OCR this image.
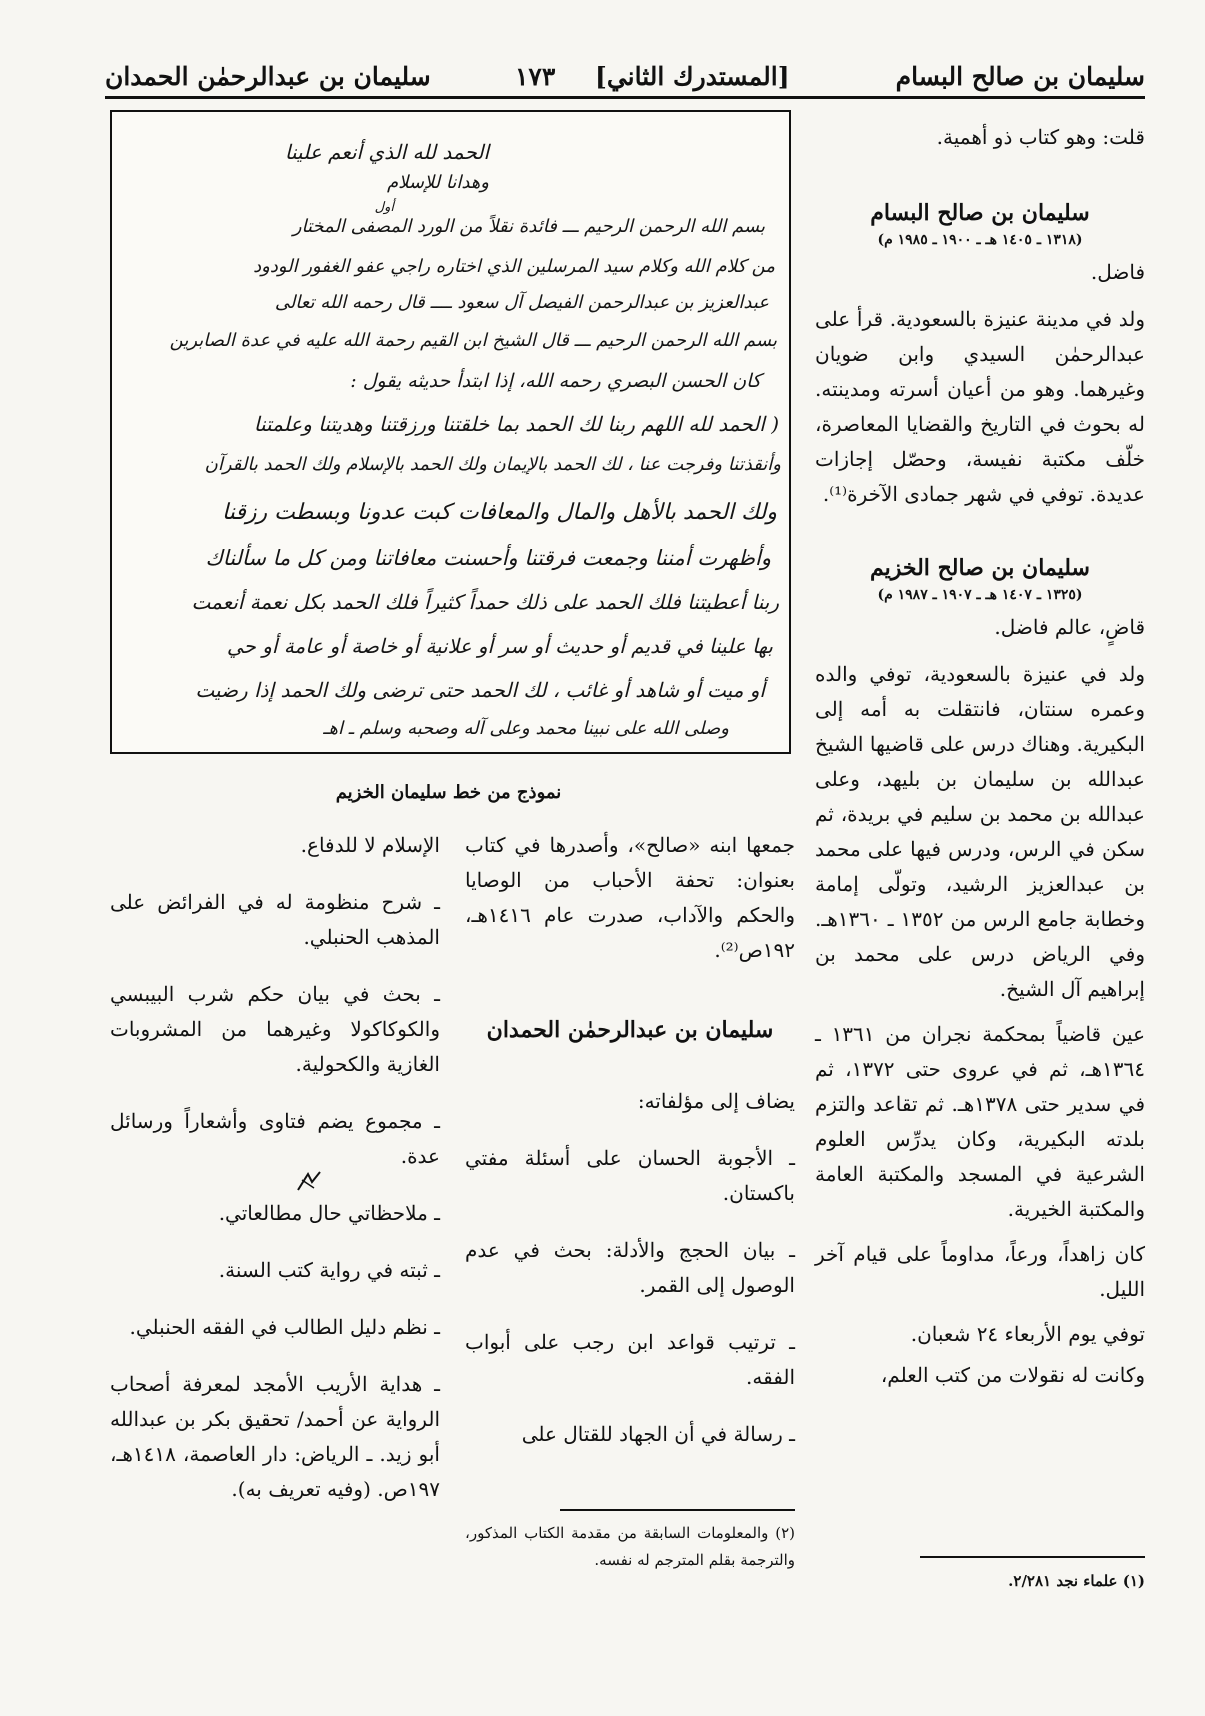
سليمان بن صالح البسام
[المستدرك الثاني]
١٧٣
سليمان بن عبدالرحمٰن الحمدان

قلت: وهو كتاب ذو أهمية.

سليمان بن صالح البسام

(١٣١٨ ـ ١٤٠٥ هـ ـ ١٩٠٠ ـ ١٩٨٥ م)

فاضل.

ولد في مدينة عنيزة بالسعودية. قرأ على عبدالرحمٰن السيدي وابن ضويان وغيرهما. وهو من أعيان أسرته ومدينته. له بحوث في التاريخ والقضايا المعاصرة، خلّف مكتبة نفيسة، وحصّل إجازات عديدة. توفي في شهر جمادى الآخرة⁽¹⁾.

سليمان بن صالح الخزيم

(١٣٢٥ ـ ١٤٠٧ هـ ـ ١٩٠٧ ـ ١٩٨٧ م)

قاضٍ، عالم فاضل.

ولد في عنيزة بالسعودية، توفي والده وعمره سنتان، فانتقلت به أمه إلى البكيرية. وهناك درس على قاضيها الشيخ عبدالله بن سليمان بن بليهد، وعلى عبدالله بن محمد بن سليم في بريدة، ثم سكن في الرس، ودرس فيها على محمد بن عبدالعزيز الرشيد، وتولّى إمامة وخطابة جامع الرس من ١٣٥٢ ـ ١٣٦٠هـ. وفي الرياض درس على محمد بن إبراهيم آل الشيخ.

عين قاضياً بمحكمة نجران من ١٣٦١ ـ ١٣٦٤هـ، ثم في عروى حتى ١٣٧٢، ثم في سدير حتى ١٣٧٨هـ. ثم تقاعد والتزم بلدته البكيرية، وكان يدرِّس العلوم الشرعية في المسجد والمكتبة العامة والمكتبة الخيرية.

كان زاهداً، ورعاً، مداوماً على قيام آخر الليل.

توفي يوم الأربعاء ٢٤ شعبان.

وكانت له نقولات من كتب العلم،

(١) علماء نجد ٢/٢٨١.
الحمد لله الذي أنعم علينا
وهدانا للإسلام
أول
بسم الله الرحمن الرحيم ـــ فائدة نقلاً من الورد المصفى المختار
من كلام الله وكلام سيد المرسلين الذي اختاره راجي عفو الغفور الودود
عبدالعزيز بن عبدالرحمن الفيصل آل سعود ــــ قال رحمه الله تعالى
بسم الله الرحمن الرحيم ـــ قال الشيخ ابن القيم رحمة الله عليه في عدة الصابرين
كان الحسن البصري رحمه الله، إذا ابتدأ حديثه يقول :
( الحمد لله اللهم ربنا لك الحمد بما خلقتنا ورزقتنا وهديتنا وعلمتنا
وأنقذتنا وفرجت عنا ، لك الحمد بالإيمان ولك الحمد بالإسلام ولك الحمد بالقرآن
ولك الحمد بالأهل والمال والمعافات كبت عدونا وبسطت رزقنا
وأظهرت أمننا وجمعت فرقتنا وأحسنت معافاتنا ومن كل ما سألناك
ربنا أعطيتنا فلك الحمد على ذلك حمداً كثيراً فلك الحمد بكل نعمة أنعمت
بها علينا في قديم أو حديث أو سر أو علانية أو خاصة أو عامة أو حي
أو ميت أو شاهد أو غائب ، لك الحمد حتى ترضى ولك الحمد إذا رضيت
وصلى الله على نبينا محمد وعلى آله وصحبه وسلم ـ اهـ
نموذج من خط سليمان الخزيم

جمعها ابنه «صالح»، وأصدرها في كتاب بعنوان: تحفة الأحباب من الوصايا والحكم والآداب، صدرت عام ١٤١٦هـ، ١٩٢ص⁽²⁾.

سليمان بن عبدالرحمٰن الحمدان

يضاف إلى مؤلفاته:

ـ الأجوبة الحسان على أسئلة مفتي باكستان.

ـ بيان الحجج والأدلة: بحث في عدم الوصول إلى القمر.

ـ ترتيب قواعد ابن رجب على أبواب الفقه.

ـ رسالة في أن الجهاد للقتال على

(٢) والمعلومات السابقة من مقدمة الكتاب المذكور، والترجمة بقلم المترجم له نفسه.

الإسلام لا للدفاع.

ـ شرح منظومة له في الفرائض على المذهب الحنبلي.

ـ بحث في بيان حكم شرب البيبسي والكوكاكولا وغيرهما من المشروبات الغازية والكحولية.

ـ مجموع يضم فتاوى وأشعاراً ورسائل عدة.

ـ ملاحظاتي حال مطالعاتي.

ـ ثبته في رواية كتب السنة.

ـ نظم دليل الطالب في الفقه الحنبلي.

ـ هداية الأريب الأمجد لمعرفة أصحاب الرواية عن أحمد/ تحقيق بكر بن عبدالله أبو زيد. ـ الرياض: دار العاصمة، ١٤١٨هـ، ١٩٧ص. (وفيه تعريف به).
